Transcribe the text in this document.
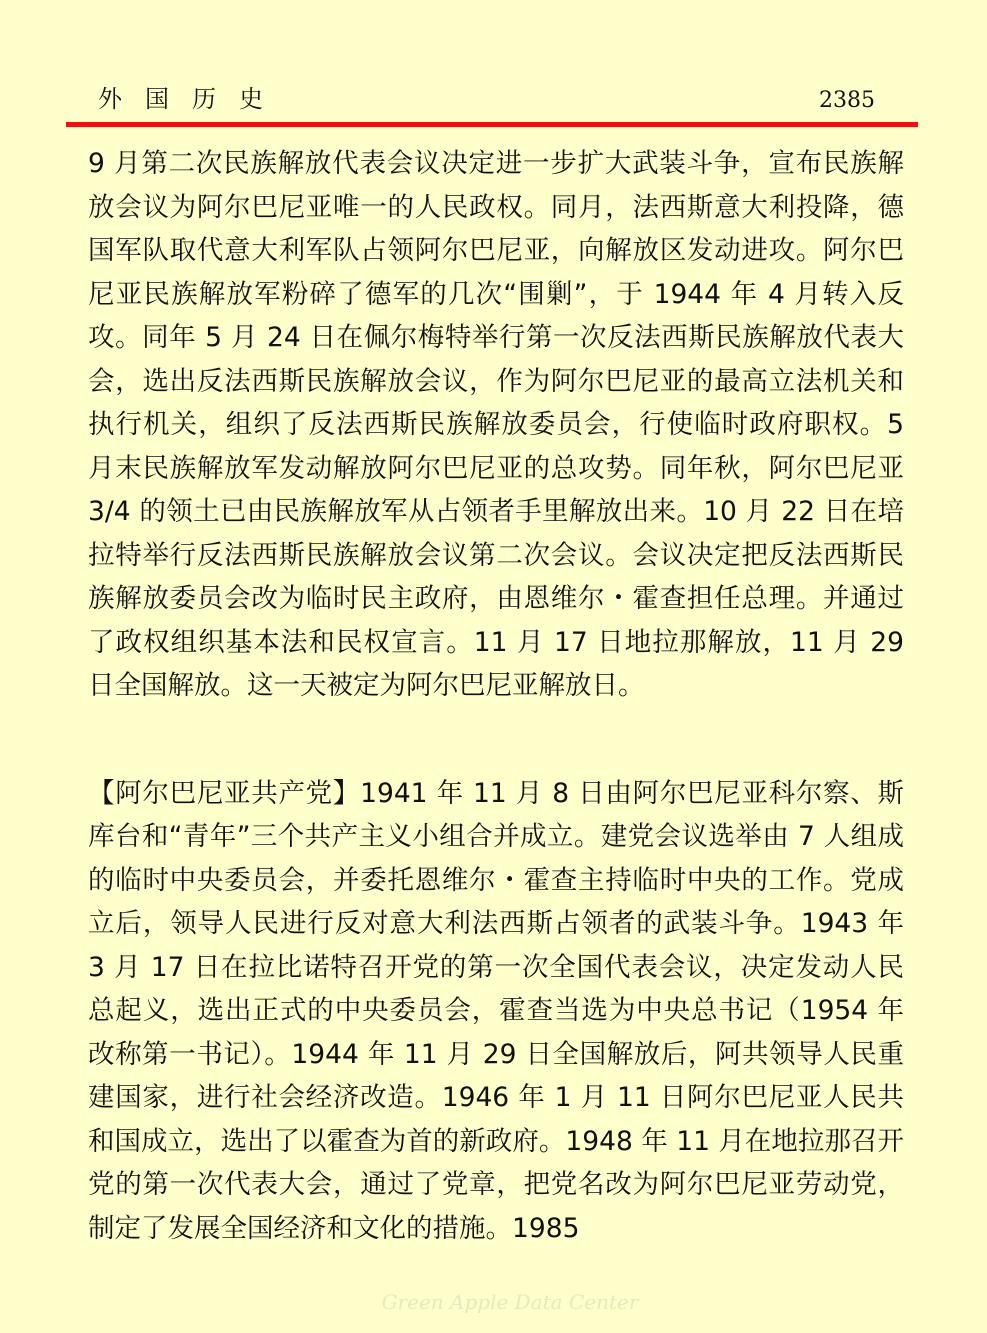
外国历史	2385

9 月第二次民族解放代表会议决定进一步扩大武装斗争，宣布民族解放会议为阿尔巴尼亚唯一的人民政权。同月，法西斯意大利投降，德国军队取代意大利军队占领阿尔巴尼亚，向解放区发动进攻。阿尔巴尼亚民族解放军粉碎了德军的几次“围剿”，于 1944 年 4 月转入反攻。同年 5 月 24 日在佩尔梅特举行第一次反法西斯民族解放代表大会，选出反法西斯民族解放会议，作为阿尔巴尼亚的最高立法机关和执行机关，组织了反法西斯民族解放委员会，行使临时政府职权。5 月末民族解放军发动解放阿尔巴尼亚的总攻势。同年秋，阿尔巴尼亚 3/4 的领土已由民族解放军从占领者手里解放出来。10 月 22 日在培拉特举行反法西斯民族解放会议第二次会议。会议决定把反法西斯民族解放委员会改为临时民主政府，由恩维尔・霍查担任总理。并通过了政权组织基本法和民权宣言。11 月 17 日地拉那解放，11 月 29 日全国解放。这一天被定为阿尔巴尼亚解放日。

【阿尔巴尼亚共产党】1941 年 11 月 8 日由阿尔巴尼亚科尔察、斯库台和“青年”三个共产主义小组合并成立。建党会议选举由 7 人组成的临时中央委员会，并委托恩维尔・霍查主持临时中央的工作。党成立后，领导人民进行反对意大利法西斯占领者的武装斗争。1943 年 3 月 17 日在拉比诺特召开党的第一次全国代表会议，决定发动人民总起义，选出正式的中央委员会，霍查当选为中央总书记（1954 年改称第一书记）。1944 年 11 月 29 日全国解放后，阿共领导人民重建国家，进行社会经济改造。1946 年 1 月 11 日阿尔巴尼亚人民共和国成立，选出了以霍查为首的新政府。1948 年 11 月在地拉那召开党的第一次代表大会，通过了党章，把党名改为阿尔巴尼亚劳动党，制定了发展全国经济和文化的措施。1985

Green Apple Data Center
